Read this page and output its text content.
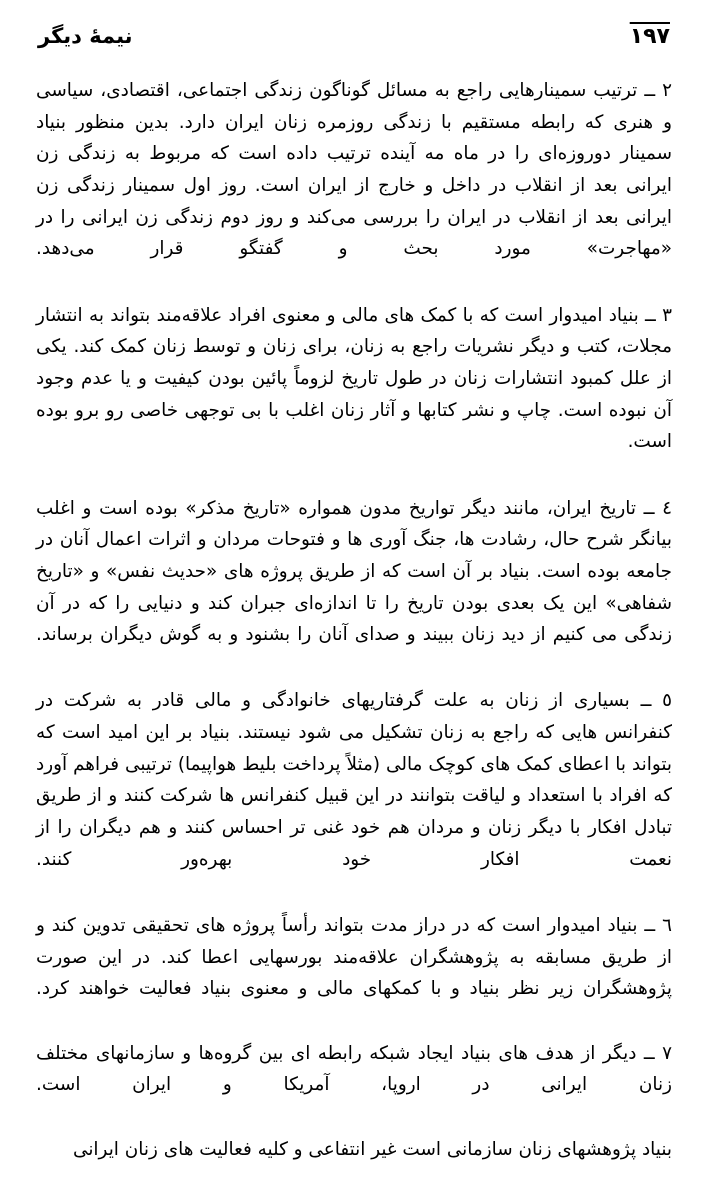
۱۹۷
نیمهٔ دیگر

۲ ــ ترتیب سمینارهایی راجع به مسائل گوناگون زندگی اجتماعی، اقتصادی، سیاسی و هنری که رابطه مستقیم با زندگی روزمره زنان ایران دارد. بدین منظور بنیاد سمینار دوروزه‌ای را در ماه مه آینده ترتیب داده است که مربوط به زندگی زن ایرانی بعد از انقلاب در داخل و خارج از ایران است. روز اول سمینار زندگی زن ایرانی بعد از انقلاب در ایران را بررسی می‌کند و روز دوم زندگی زن ایرانی را در «مهاجرت» مورد بحث و گفتگو قرار می‌دهد.

۳ ــ بنیاد امیدوار است که با کمک های مالی و معنوی افراد علاقه‌مند بتواند به انتشار مجلات، کتب و دیگر نشریات راجع به زنان، برای زنان و توسط زنان کمک کند. یکی از علل کمبود انتشارات زنان در طول تاریخ لزوماً پائین بودن کیفیت و یا عدم وجود آن نبوده است. چاپ و نشر کتابها و آثار زنان اغلب با بی توجهی خاصی رو برو بوده است.

٤ ــ تاریخ ایران، مانند دیگر تواریخ مدون همواره «تاریخ مذکر» بوده است و اغلب بیانگر شرح حال، رشادت ها، جنگ آوری ها و فتوحات مردان و اثرات اعمال آنان در جامعه بوده است. بنیاد بر آن است که از طریق پروژه های «حدیث نفس» و «تاریخ شفاهی» این یک بعدی بودن تاریخ را تا اندازه‌ای جبران کند و دنیایی را که در آن زندگی می کنیم از دید زنان ببیند و صدای آنان را بشنود و به گوش دیگران برساند.

٥ ــ بسیاری از زنان به علت گرفتاریهای خانوادگی و مالی قادر به شرکت در کنفرانس هایی که راجع به زنان تشکیل می شود نیستند. بنیاد بر این امید است که بتواند با اعطای کمک های کوچک مالی (مثلاً پرداخت بلیط هواپیما) ترتیبی فراهم آورد که افراد با استعداد و لیاقت بتوانند در این قبیل کنفرانس ها شرکت کنند و از طریق تبادل افکار با دیگر زنان و مردان هم خود غنی تر احساس کنند و هم دیگران را از نعمت افکار خود بهره‌ور کنند.

٦ ــ بنیاد امیدوار است که در دراز مدت بتواند رأساً پروژه های تحقیقی تدوین کند و از طریق مسابقه به پژوهشگران علاقه‌مند بورسهایی اعطا کند. در این صورت پژوهشگران زیر نظر بنیاد و با کمکهای مالی و معنوی بنیاد فعالیت خواهند کرد.

۷ ــ دیگر از هدف های بنیاد ایجاد شبکه رابطه ای بین گروه‌ها و سازمانهای مختلف زنان ایرانی در اروپا، آمریکا و ایران است.

بنیاد پژوهشهای زنان سازمانی است غیر انتفاعی و کلیه فعالیت های زنان ایرانی
